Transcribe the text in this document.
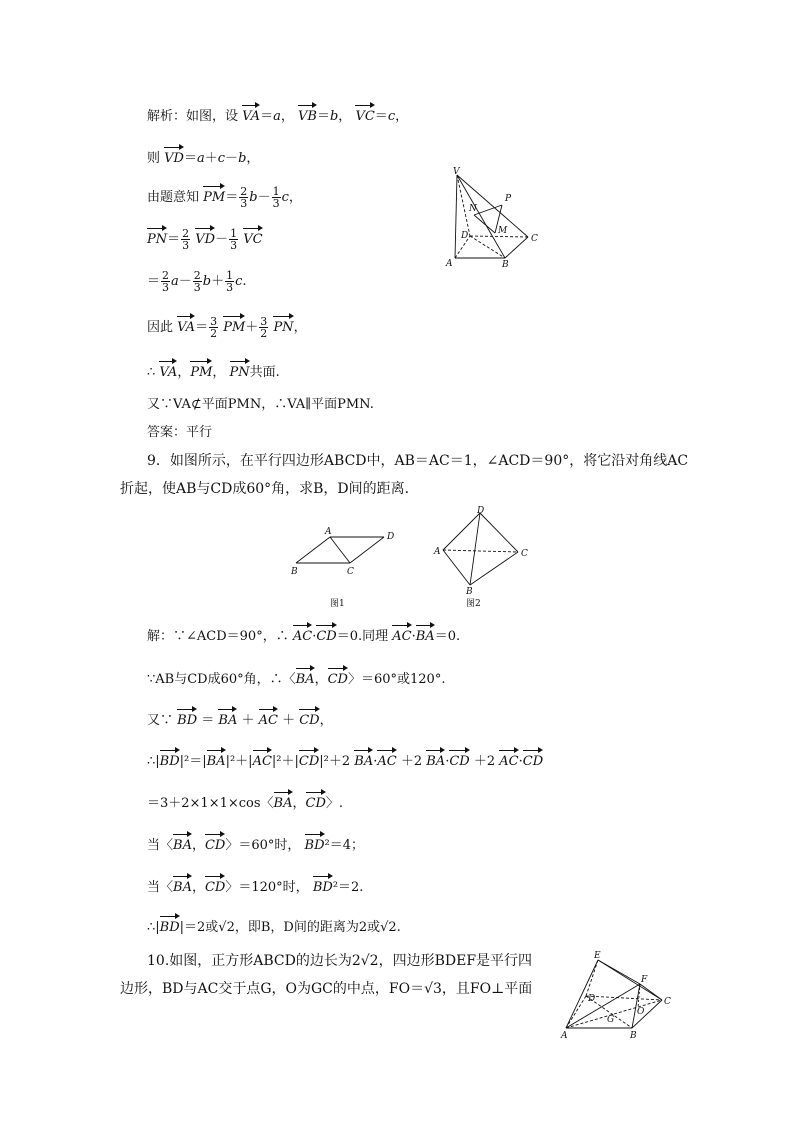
解析：如图，设 VA＝a， VB＝b， VC＝c，
则 VD＝a＋c－b，
由题意知 $PM= \frac{2}{3} b- \frac{1}{3}$ c，
$PN= \frac{2}{3} VD- \frac{1}{3}$ VC
＝ $\frac{2}{3} a- \frac{2}{3} b+ \frac{1}{3} c$.
因此 $VA= \frac{3}{2} PM+ \frac{3}{2}$ PN，
∴ VA，PM， PN共面.
又∵VA⊄平面PMN，∴VA∥平面PMN.
答案：平行
V
P
N
M
D	C
A	B
9．如图所示，在平行四边形ABCD中，AB＝AC＝1，∠ACD＝90°，将它沿对角线AC
折起，使AB与CD成60°角，求B，D间的距离．
A	D
B	C
图1
D
A	C
B
图2
解：∵∠ACD＝90°，∴ AC·CD＝0.同理 AC·BA＝0.
∵AB与CD成60°角，∴〈BA，CD〉＝60°或120°.
又∵ BD ＝ BA ＋ AC ＋ CD，
∴|BD|²＝|BA|²＋|AC|²＋|CD|²＋2 BA·AC ＋2 BA·CD ＋2 AC·CD
＝3＋2×1×1×cos〈BA，CD〉.
当〈BA，CD〉＝60°时， BD²＝4；
当〈BA，CD〉＝120°时， BD²＝2.
∴|BD|＝2或√2，即B，D间的距离为2或√2.
10.如图，正方形ABCD的边长为2√2，四边形BDEF是平行四
边形，BD与AC交于点G，O为GC的中点，FO＝√3，且FO⊥平面
E
F
D	C
O
G
A	B
